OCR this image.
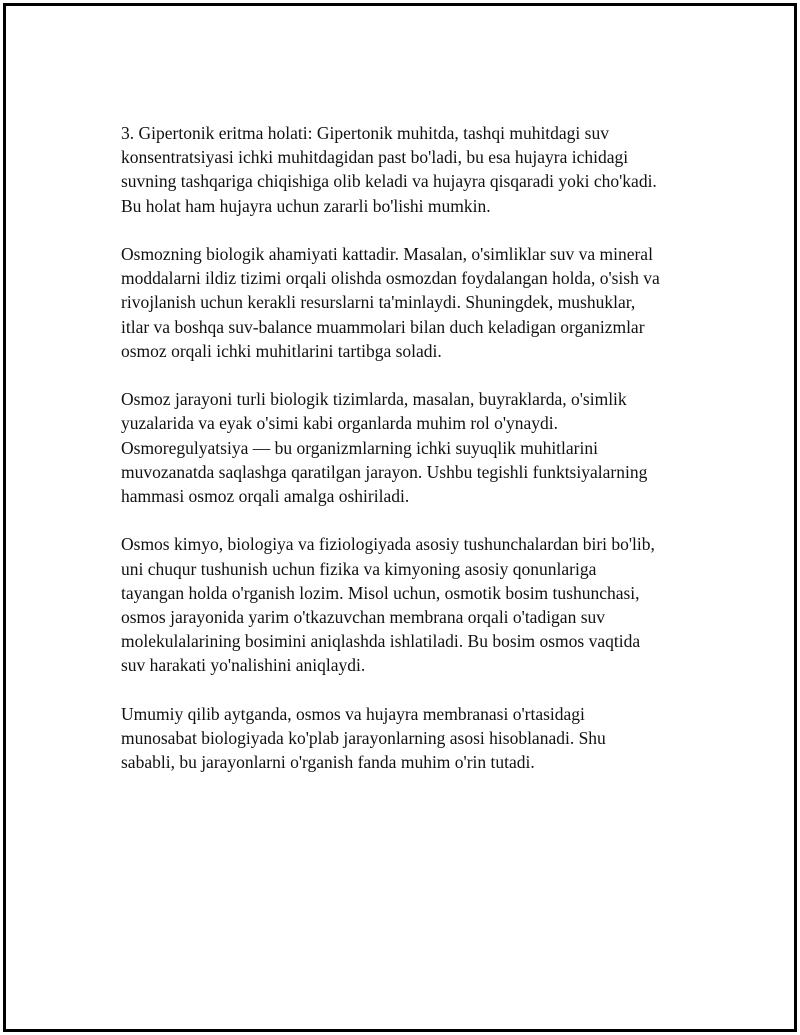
3. Gipertonik eritma holati: Gipertonik muhitda, tashqi muhitdagi suv
konsentratsiyasi ichki muhitdagidan past bo'ladi, bu esa hujayra ichidagi
suvning tashqariga chiqishiga olib keladi va hujayra qisqaradi yoki cho'kadi.
Bu holat ham hujayra uchun zararli bo'lishi mumkin.

Osmozning biologik ahamiyati kattadir. Masalan, o'simliklar suv va mineral
moddalarni ildiz tizimi orqali olishda osmozdan foydalangan holda, o'sish va
rivojlanish uchun kerakli resurslarni ta'minlaydi. Shuningdek, mushuklar,
itlar va boshqa suv-balance muammolari bilan duch keladigan organizmlar
osmoz orqali ichki muhitlarini tartibga soladi.

Osmoz jarayoni turli biologik tizimlarda, masalan, buyraklarda, o'simlik
yuzalarida va eyak o'simi kabi organlarda muhim rol o'ynaydi.
Osmoregulyatsiya — bu organizmlarning ichki suyuqlik muhitlarini
muvozanatda saqlashga qaratilgan jarayon. Ushbu tegishli funktsiyalarning
hammasi osmoz orqali amalga oshiriladi.

Osmos kimyo, biologiya va fiziologiyada asosiy tushunchalardan biri bo'lib,
uni chuqur tushunish uchun fizika va kimyoning asosiy qonunlariga
tayangan holda o'rganish lozim. Misol uchun, osmotik bosim tushunchasi,
osmos jarayonida yarim o'tkazuvchan membrana orqali o'tadigan suv
molekulalarining bosimini aniqlashda ishlatiladi. Bu bosim osmos vaqtida
suv harakati yo'nalishini aniqlaydi.

Umumiy qilib aytganda, osmos va hujayra membranasi o'rtasidagi
munosabat biologiyada ko'plab jarayonlarning asosi hisoblanadi. Shu
sababli, bu jarayonlarni o'rganish fanda muhim o'rin tutadi.
